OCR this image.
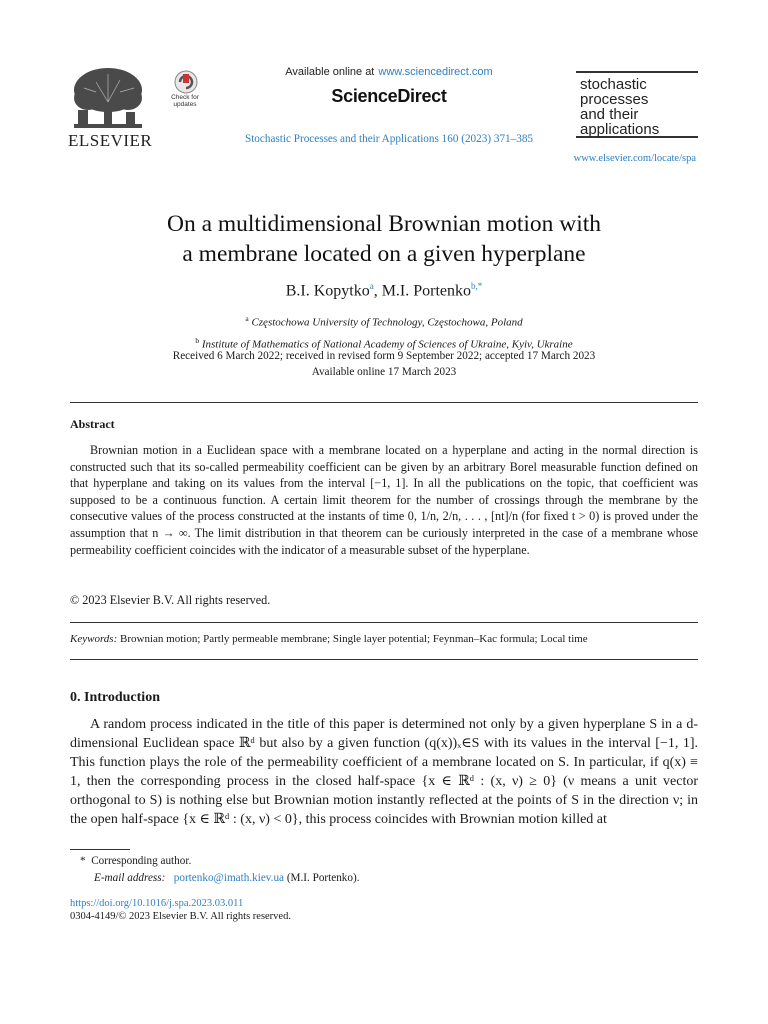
ELSEVIER
Check for updates
Available online at www.sciencedirect.com
ScienceDirect
Stochastic Processes and their Applications 160 (2023) 371–385
stochastic
processes
and their
applications
www.elsevier.com/locate/spa
On a multidimensional Brownian motion with
a membrane located on a given hyperplane
B.I. Kopytko$^a$, M.I. Portenko$^{b,*}$
$^a$ Częstochowa University of Technology, Częstochowa, Poland
$^b$ Institute of Mathematics of National Academy of Sciences of Ukraine, Kyiv, Ukraine
Received 6 March 2022; received in revised form 9 September 2022; accepted 17 March 2023
Available online 17 March 2023
Abstract

Brownian motion in a Euclidean space with a membrane located on a hyperplane and acting in the normal direction is constructed such that its so-called permeability coefficient can be given by an arbitrary Borel measurable function defined on that hyperplane and taking on its values from the interval [−1, 1]. In all the publications on the topic, that coefficient was supposed to be a continuous function. A certain limit theorem for the number of crossings through the membrane by the consecutive values of the process constructed at the instants of time 0, 1/n, 2/n, . . . , [nt]/n (for fixed t > 0) is proved under the assumption that n → ∞. The limit distribution in that theorem can be curiously interpreted in the case of a membrane whose permeability coefficient coincides with the indicator of a measurable subset of the hyperplane.

© 2023 Elsevier B.V. All rights reserved.
Keywords: Brownian motion; Partly permeable membrane; Single layer potential; Feynman–Kac formula; Local time
0. Introduction

A random process indicated in the title of this paper is determined not only by a given hyperplane S in a d-dimensional Euclidean space ℝᵈ but also by a given function (q(x))ₓ∈S with its values in the interval [−1, 1]. This function plays the role of the permeability coefficient of a membrane located on S. In particular, if q(x) ≡ 1, then the corresponding process in the closed half-space {x ∈ ℝᵈ : (x, ν) ≥ 0} (ν means a unit vector orthogonal to S) is nothing else but Brownian motion instantly reflected at the points of S in the direction ν; in the open half-space {x ∈ ℝᵈ : (x, ν) < 0}, this process coincides with Brownian motion killed at

* Corresponding author.
E-mail address: portenko@imath.kiev.ua (M.I. Portenko).
https://doi.org/10.1016/j.spa.2023.03.011
0304-4149/© 2023 Elsevier B.V. All rights reserved.
